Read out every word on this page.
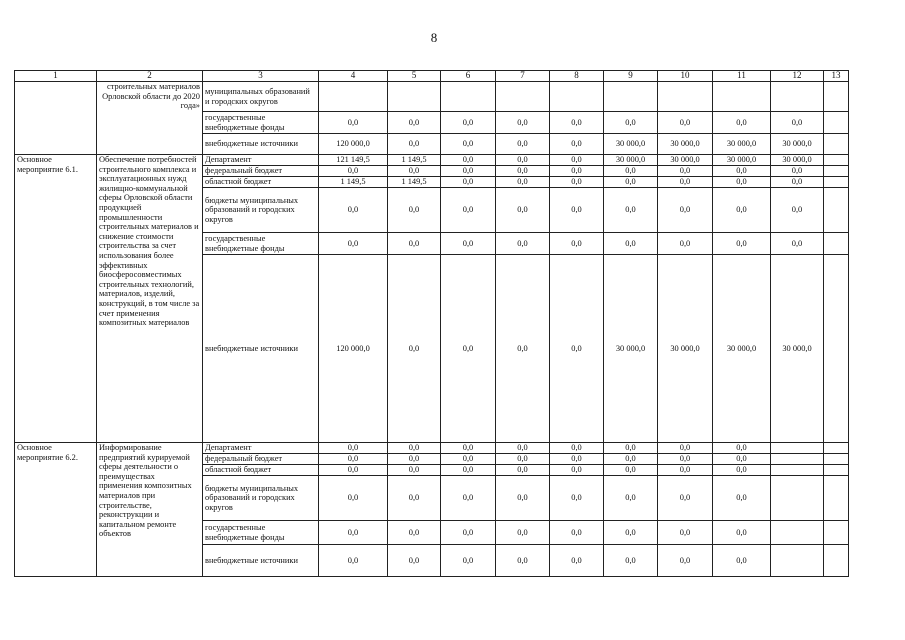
8
1	2	3	4	5	6	7	8	9	10	11	12	13
	строительных материалов Орловской области до 2020 года»	муниципальных образований и городских округов										
		государственные внебюджетные фонды	0,0	0,0	0,0	0,0	0,0	0,0	0,0	0,0	0,0	
		внебюджетные источники	120 000,0	0,0	0,0	0,0	0,0	30 000,0	30 000,0	30 000,0	30 000,0	
Основное мероприятие 6.1.	Обеспечение потребностей строительного комплекса и эксплуатационных нужд жилищно-коммунальной сферы Орловской области продукцией промышленности строительных материалов и снижение стоимости строительства за счет использования более эффективных биосферосовместимых строительных технологий, материалов, изделий, конструкций, в том числе за счет применения композитных материалов	Департамент	121 149,5	1 149,5	0,0	0,0	0,0	30 000,0	30 000,0	30 000,0	30 000,0	
		федеральный бюджет	0,0	0,0	0,0	0,0	0,0	0,0	0,0	0,0	0,0	
		областной бюджет	1 149,5	1 149,5	0,0	0,0	0,0	0,0	0,0	0,0	0,0	
		бюджеты муниципальных образований и городских округов	0,0	0,0	0,0	0,0	0,0	0,0	0,0	0,0	0,0	
		государственные внебюджетные фонды	0,0	0,0	0,0	0,0	0,0	0,0	0,0	0,0	0,0	
		внебюджетные источники	120 000,0	0,0	0,0	0,0	0,0	30 000,0	30 000,0	30 000,0	30 000,0	
Основное мероприятие 6.2.	Информирование предприятий курируемой сферы деятельности о преимуществах применения композитных материалов при строительстве, реконструкции и капитальном ремонте объектов	Департамент	0,0	0,0	0,0	0,0	0,0	0,0	0,0	0,0		
		федеральный бюджет	0,0	0,0	0,0	0,0	0,0	0,0	0,0	0,0		
		областной бюджет	0,0	0,0	0,0	0,0	0,0	0,0	0,0	0,0		
		бюджеты муниципальных образований и городских округов	0,0	0,0	0,0	0,0	0,0	0,0	0,0	0,0		
		государственные внебюджетные фонды	0,0	0,0	0,0	0,0	0,0	0,0	0,0	0,0		
		внебюджетные источники	0,0	0,0	0,0	0,0	0,0	0,0	0,0	0,0		
